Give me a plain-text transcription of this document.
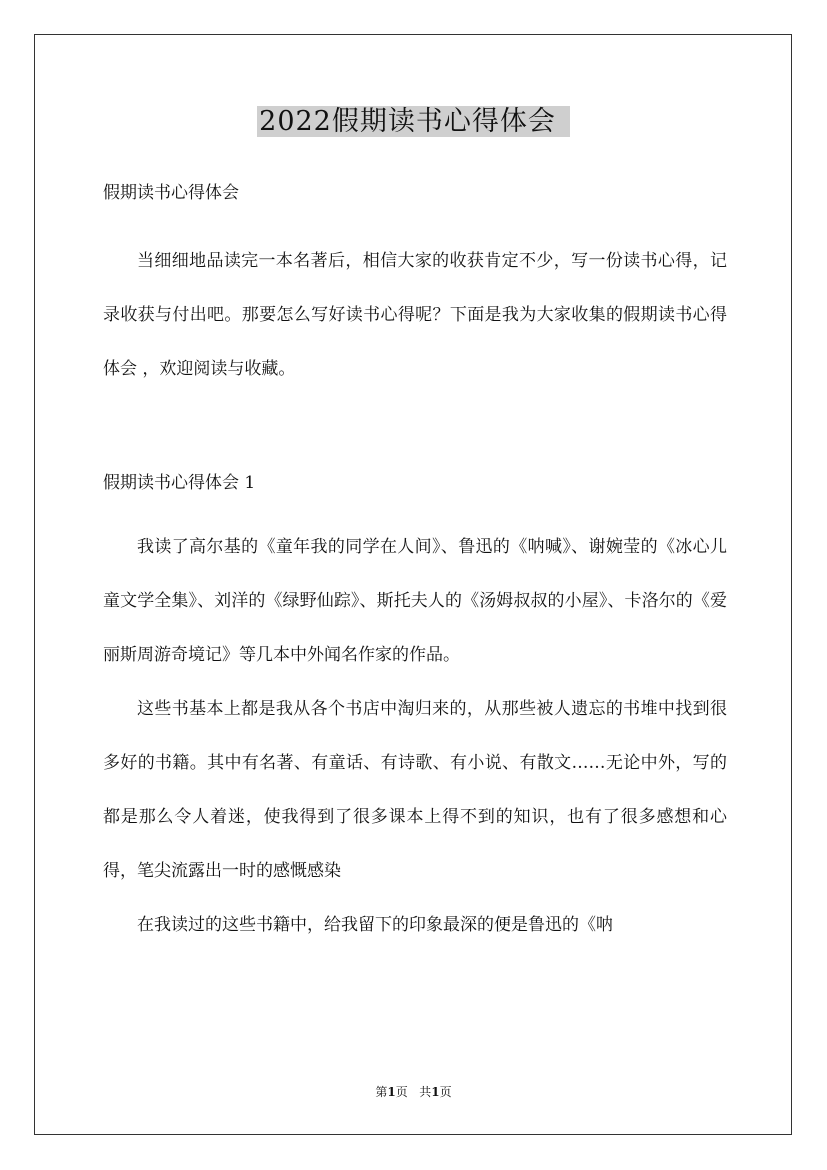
2022假期读书心得体会

假期读书心得体会

当细细地品读完一本名著后，相信大家的收获肯定不少，写一份读书心得，记录收获与付出吧。那要怎么写好读书心得呢？下面是我为大家收集的假期读书心得体会 ，欢迎阅读与收藏。

假期读书心得体会 1

我读了高尔基的《童年我的同学在人间》、鲁迅的《呐喊》、谢婉莹的《冰心儿童文学全集》、刘洋的《绿野仙踪》、斯托夫人的《汤姆叔叔的小屋》、卡洛尔的《爱丽斯周游奇境记》等几本中外闻名作家的作品。

这些书基本上都是我从各个书店中淘归来的，从那些被人遗忘的书堆中找到很多好的书籍。其中有名著、有童话、有诗歌、有小说、有散文……无论中外，写的都是那么令人着迷，使我得到了很多课本上得不到的知识，也有了很多感想和心得，笔尖流露出一时的感慨感染

在我读过的这些书籍中，给我留下的印象最深的便是鲁迅的《呐

第1页   共1页
